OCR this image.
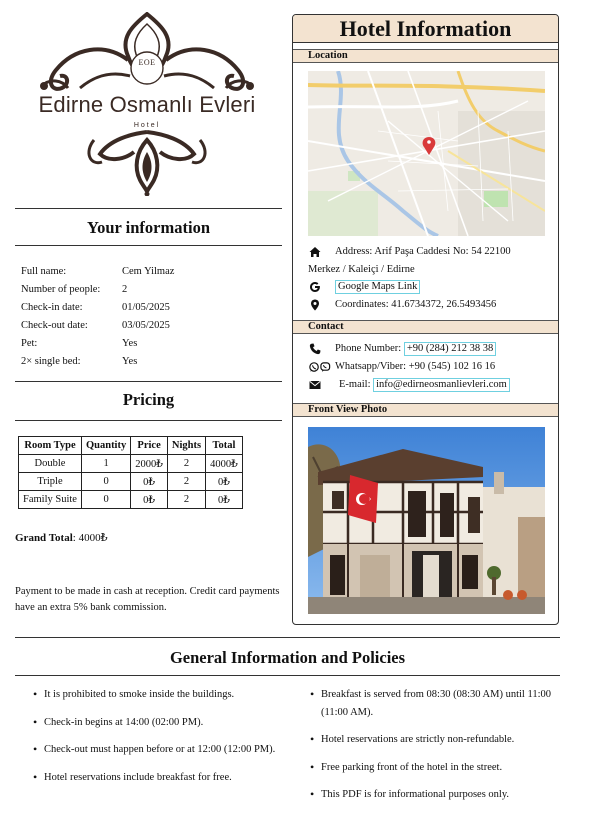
EOE
Edirne Osmanlı Evleri
Hotel
Your information
Full name:	Cem Yilmaz
Number of people:	2
Check-in date:	01/05/2025
Check-out date:	03/05/2025
Pet:	Yes
2× single bed:	Yes
Pricing
Room Type	Quantity	Price	Nights	Total
Double	1	2000₺	2	4000₺
Triple	0	0₺	2	0₺
Family Suite	0	0₺	2	0₺
Grand Total: 4000₺
Payment to be made in cash at reception. Credit card payments have an extra 5% bank commission.
Hotel Information
Location
Address: Arif Paşa Caddesi No: 54 22100
Merkez / Kaleiçi / Edirne
Google Maps Link
Coordinates: 41.6734372, 26.5493456
Contact
Phone Number:
+90 (284) 212 38 38
Whatsapp/Viber: +90 (545) 102 16 16
E-mail:
info@edirneosmanlievleri.com
Front View Photo
General Information and Policies
• It is prohibited to smoke inside the buildings.
• Check-in begins at 14:00 (02:00 PM).
• Check-out must happen before or at 12:00 (12:00 PM).
• Hotel reservations include breakfast for free.
• Breakfast is served from 08:30 (08:30 AM) until 11:00 (11:00 AM).
• Hotel reservations are strictly non-refundable.
• Free parking front of the hotel in the street.
• This PDF is for informational purposes only.
